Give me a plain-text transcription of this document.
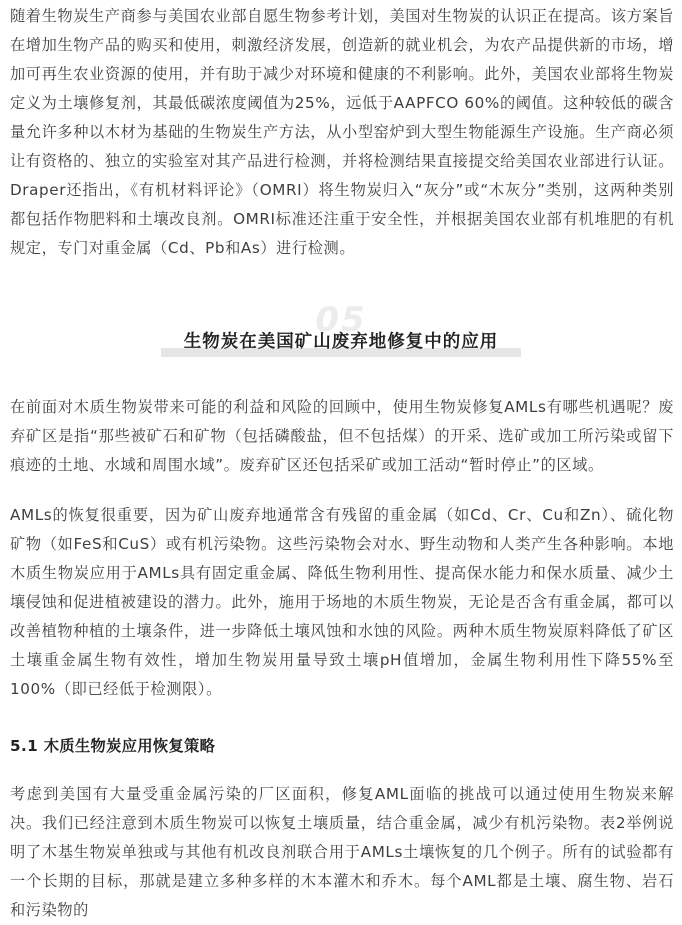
随着生物炭生产商参与美国农业部自愿生物参考计划，美国对生物炭的认识正在提高。该方案旨在增加生物产品的购买和使用，刺激经济发展，创造新的就业机会，为农产品提供新的市场，增加可再生农业资源的使用，并有助于减少对环境和健康的不利影响。此外，美国农业部将生物炭定义为土壤修复剂，其最低碳浓度阈值为25%，远低于AAPFCO 60%的阈值。这种较低的碳含量允许多种以木材为基础的生物炭生产方法，从小型窑炉到大型生物能源生产设施。生产商必须让有资格的、独立的实验室对其产品进行检测，并将检测结果直接提交给美国农业部进行认证。Draper还指出，《有机材料评论》（OMRI）将生物炭归入“灰分”或“木灰分”类别，这两种类别都包括作物肥料和土壤改良剂。OMRI标准还注重于安全性，并根据美国农业部有机堆肥的有机规定，专门对重金属（Cd、Pb和As）进行检测。

05
生物炭在美国矿山废弃地修复中的应用

在前面对木质生物炭带来可能的利益和风险的回顾中，使用生物炭修复AMLs有哪些机遇呢？废弃矿区是指“那些被矿石和矿物（包括磷酸盐，但不包括煤）的开采、选矿或加工所污染或留下痕迹的土地、水域和周围水域”。废弃矿区还包括采矿或加工活动“暂时停止”的区域。

AMLs的恢复很重要，因为矿山废弃地通常含有残留的重金属（如Cd、Cr、Cu和Zn）、硫化物矿物（如FeS和CuS）或有机污染物。这些污染物会对水、野生动物和人类产生各种影响。本地木质生物炭应用于AMLs具有固定重金属、降低生物利用性、提高保水能力和保水质量、减少土壤侵蚀和促进植被建设的潜力。此外，施用于场地的木质生物炭，无论是否含有重金属，都可以改善植物种植的土壤条件，进一步降低土壤风蚀和水蚀的风险。两种木质生物炭原料降低了矿区土壤重金属生物有效性，增加生物炭用量导致土壤pH值增加，金属生物利用性下降55%至100%（即已经低于检测限）。

5.1 木质生物炭应用恢复策略

考虑到美国有大量受重金属污染的厂区面积，修复AML面临的挑战可以通过使用生物炭来解决。我们已经注意到木质生物炭可以恢复土壤质量，结合重金属，减少有机污染物。表2举例说明了木基生物炭单独或与其他有机改良剂联合用于AMLs土壤恢复的几个例子。所有的试验都有一个长期的目标，那就是建立多种多样的木本灌木和乔木。每个AML都是土壤、腐生物、岩石和污染物的
